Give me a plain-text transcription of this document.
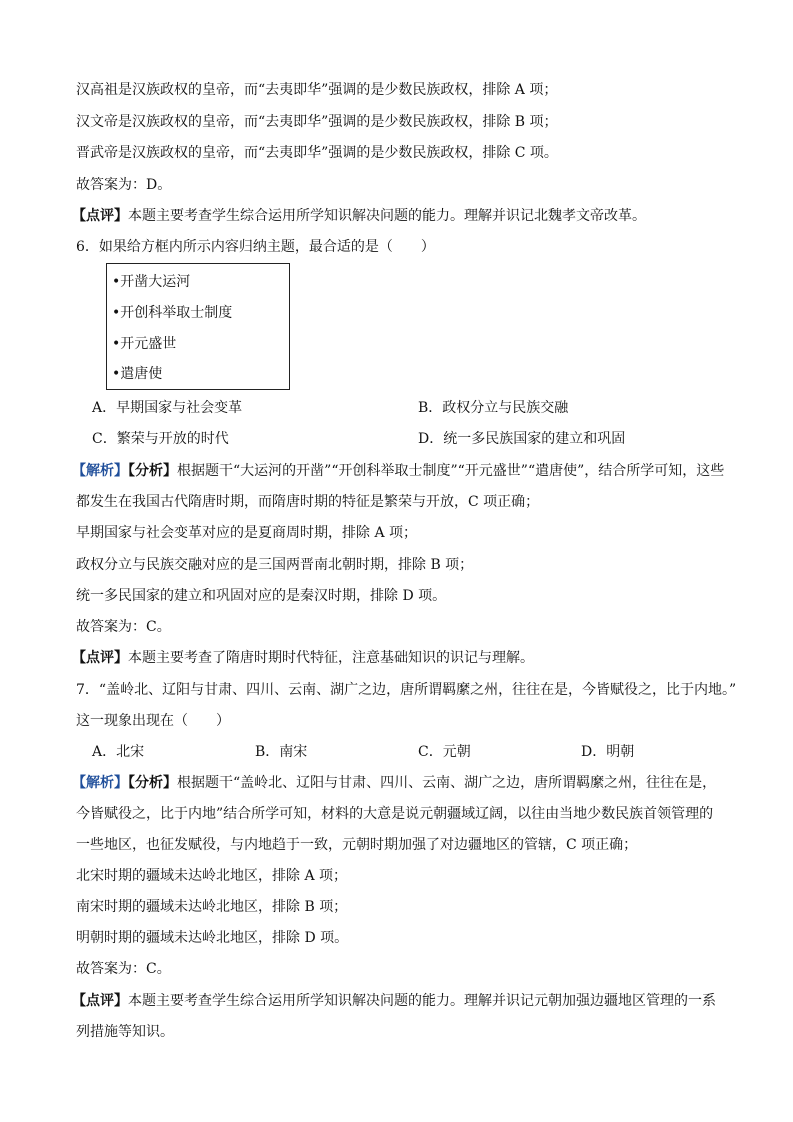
汉高祖是汉族政权的皇帝，而“去夷即华”强调的是少数民族政权，排除 A 项；
汉文帝是汉族政权的皇帝，而“去夷即华”强调的是少数民族政权，排除 B 项；
晋武帝是汉族政权的皇帝，而“去夷即华”强调的是少数民族政权，排除 C 项。
故答案为：D。
【点评】本题主要考查学生综合运用所学知识解决问题的能力。理解并识记北魏孝文帝改革。
6．如果给方框内所示内容归纳主题，最合适的是（　　）
•开凿大运河
•开创科举取士制度
•开元盛世
•遣唐使
A．早期国家与社会变革	B．政权分立与民族交融
C．繁荣与开放的时代	D．统一多民族国家的建立和巩固
【解析】【分析】根据题干“大运河的开凿”“开创科举取士制度”“开元盛世”“遣唐使”，结合所学可知，这些
都发生在我国古代隋唐时期，而隋唐时期的特征是繁荣与开放，C 项正确；
早期国家与社会变革对应的是夏商周时期，排除 A 项；
政权分立与民族交融对应的是三国两晋南北朝时期，排除 B 项；
统一多民国家的建立和巩固对应的是秦汉时期，排除 D 项。
故答案为：C。
【点评】本题主要考查了隋唐时期时代特征，注意基础知识的识记与理解。
7．“盖岭北、辽阳与甘肃、四川、云南、湖广之边，唐所谓羁縻之州，往往在是，今皆赋役之，比于内地。”
这一现象出现在（　　）
A．北宋	B．南宋	C．元朝	D．明朝
【解析】【分析】根据题干“盖岭北、辽阳与甘肃、四川、云南、湖广之边，唐所谓羁縻之州，往往在是，
今皆赋役之，比于内地”结合所学可知，材料的大意是说元朝疆域辽阔，以往由当地少数民族首领管理的
一些地区，也征发赋役，与内地趋于一致，元朝时期加强了对边疆地区的管辖，C 项正确；
北宋时期的疆域未达岭北地区，排除 A 项；
南宋时期的疆域未达岭北地区，排除 B 项；
明朝时期的疆域未达岭北地区，排除 D 项。
故答案为：C。
【点评】本题主要考查学生综合运用所学知识解决问题的能力。理解并识记元朝加强边疆地区管理的一系
列措施等知识。
